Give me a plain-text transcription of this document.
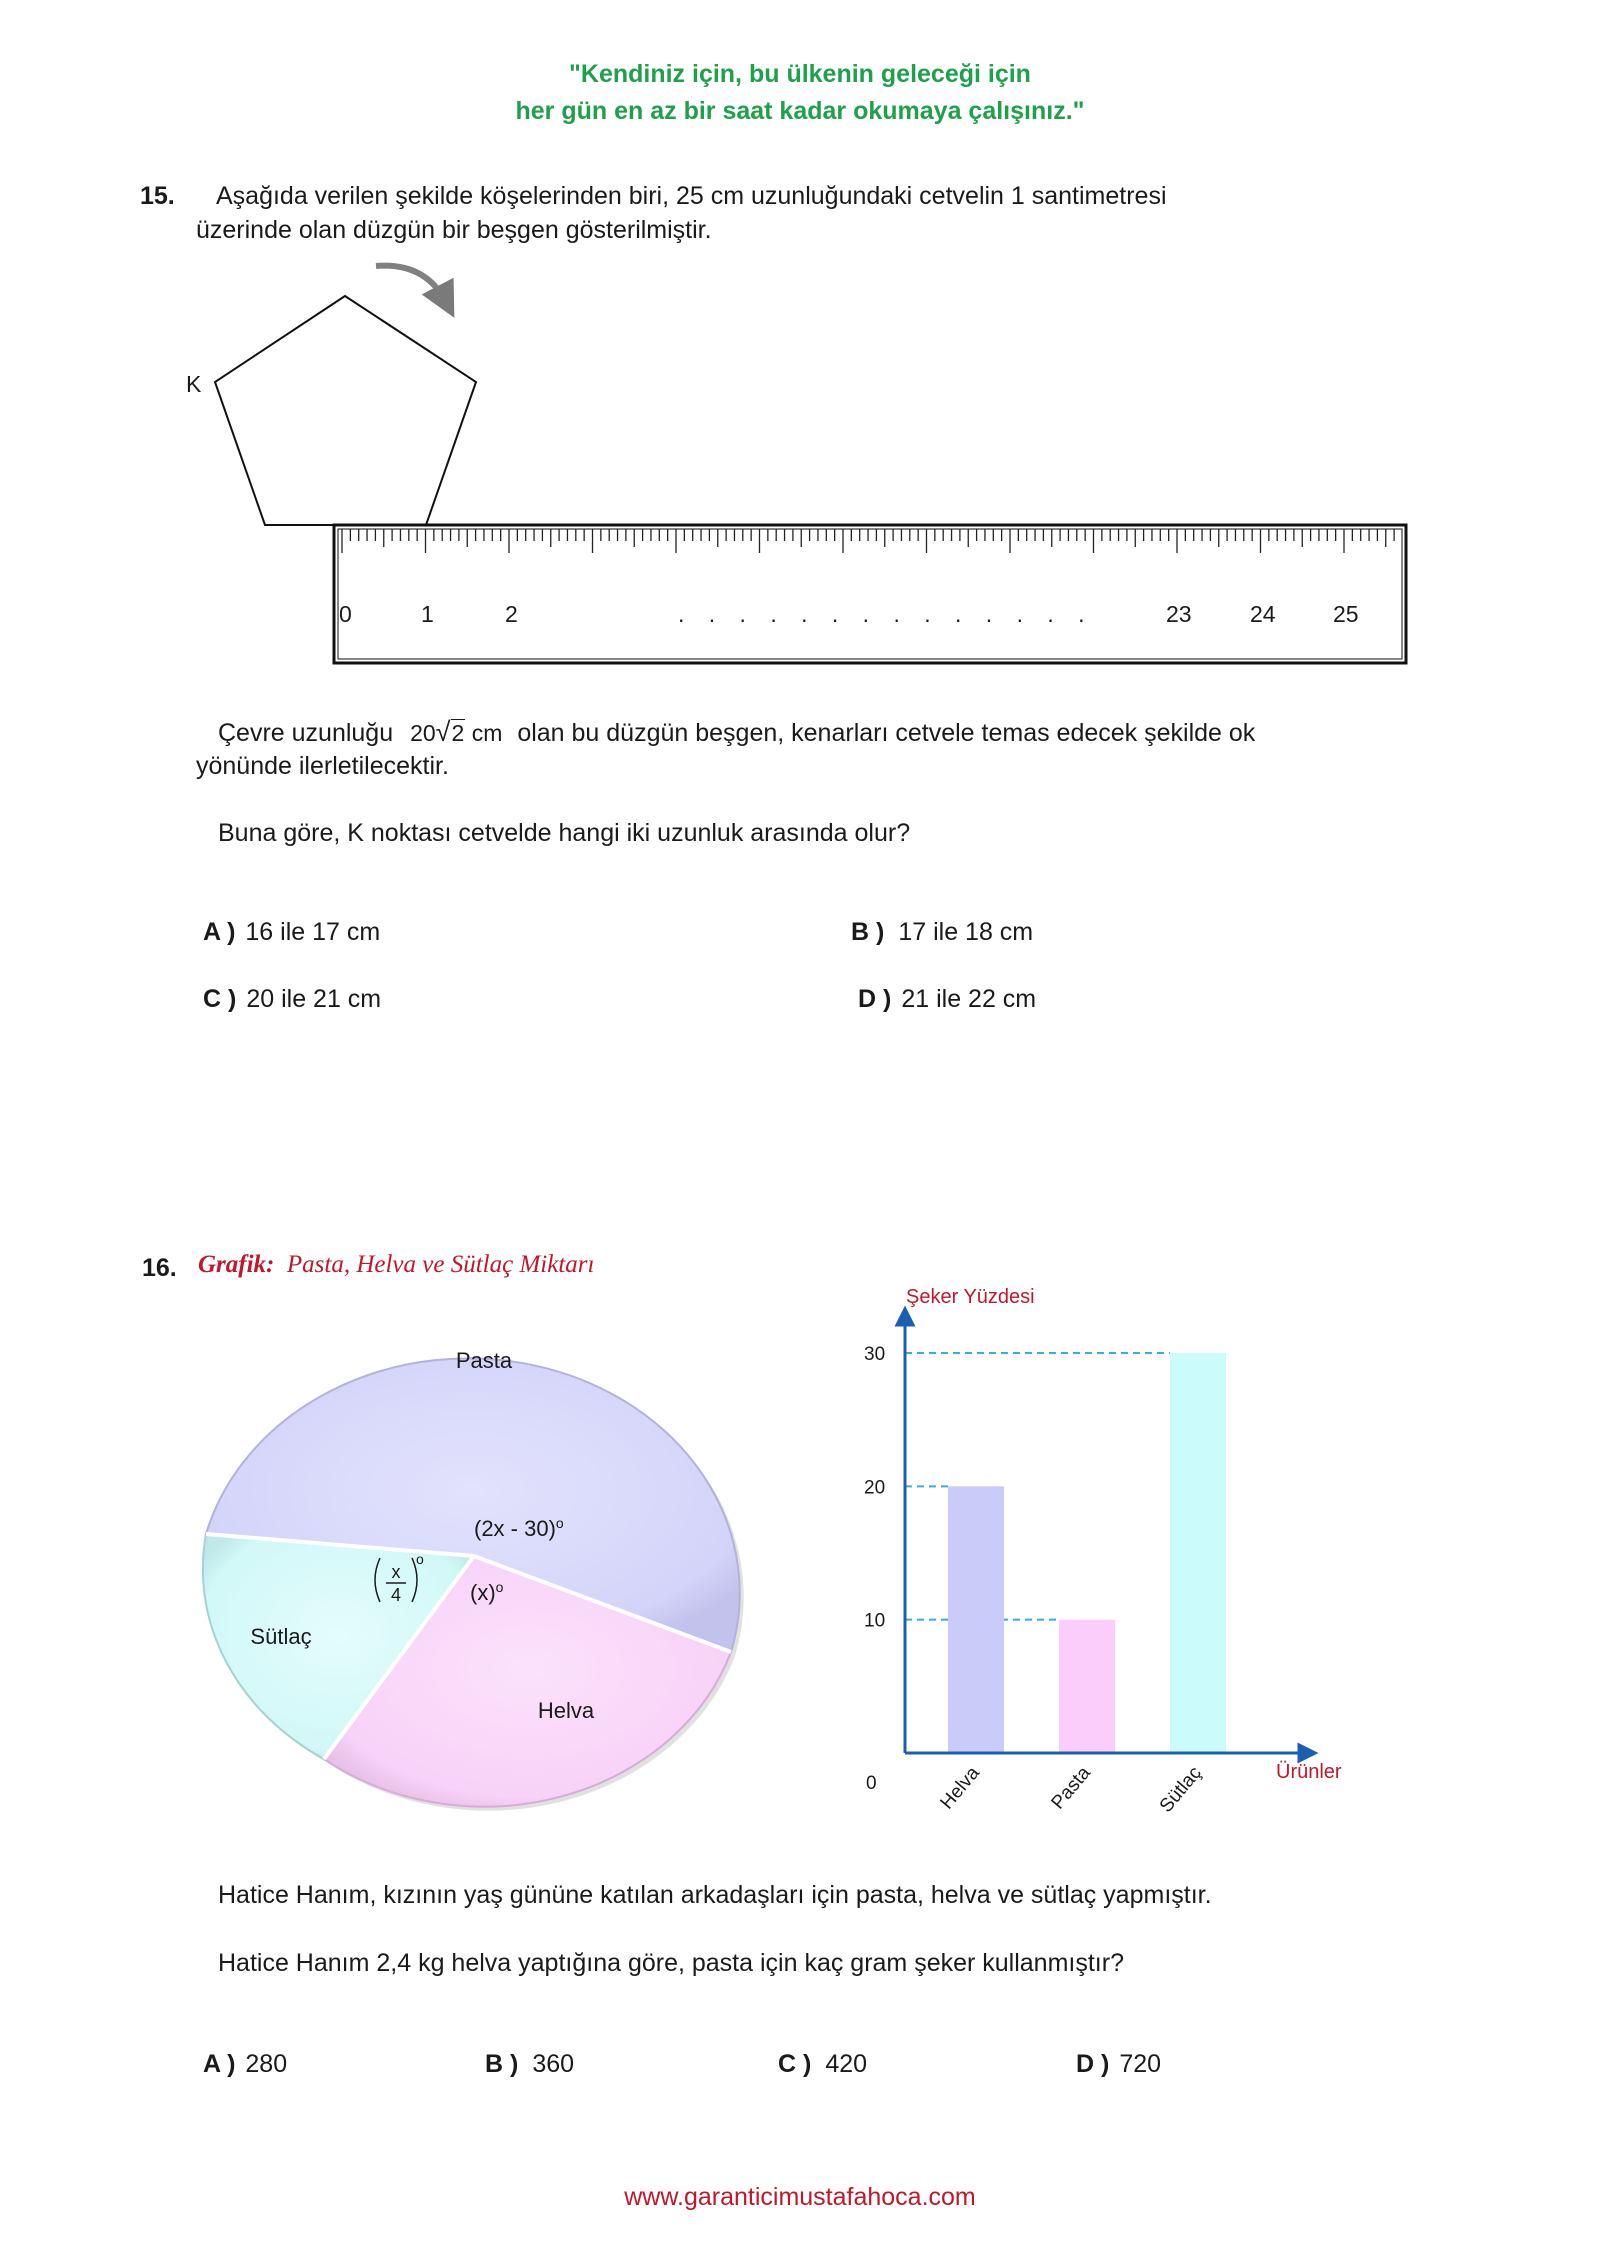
"Kendiniz için, bu ülkenin geleceği için
her gün en az bir saat kadar okumaya çalışınız."
15. Aşağıda verilen şekilde köşelerinden biri, 25 cm uzunluğundaki cetvelin 1 santimetresi
üzerinde olan düzgün bir beşgen gösterilmiştir.
K
0	1	2	. . . . . . . . . . . . . .	23	24 25
Çevre uzunluğu 20√2 cm olan bu düzgün beşgen, kenarları cetvele temas edecek şekilde ok
yönünde ilerletilecektir.
Buna göre, K noktası cetvelde hangi iki uzunluk arasında olur?
A ) 16 ile 17 cm	B ) 17 ile 18 cm
C ) 20 ile 21 cm	D ) 21 ile 22 cm
16. Grafik: Pasta, Helva ve Sütlaç Miktarı
Pasta
Helva
Sütlaç
(2x - 30)$^o$
$(x)^o$
x
4
o
Şeker Yüzdesi
Ürünler
0
10
20
30
Helva	Pasta	Sütlaç
Hatice Hanım, kızının yaş gününe katılan arkadaşları için pasta, helva ve sütlaç yapmıştır.
Hatice Hanım 2,4 kg helva yaptığına göre, pasta için kaç gram şeker kullanmıştır?
A ) 280	B ) 360	C ) 420	D ) 720
www.garanticimustafahoca.com
